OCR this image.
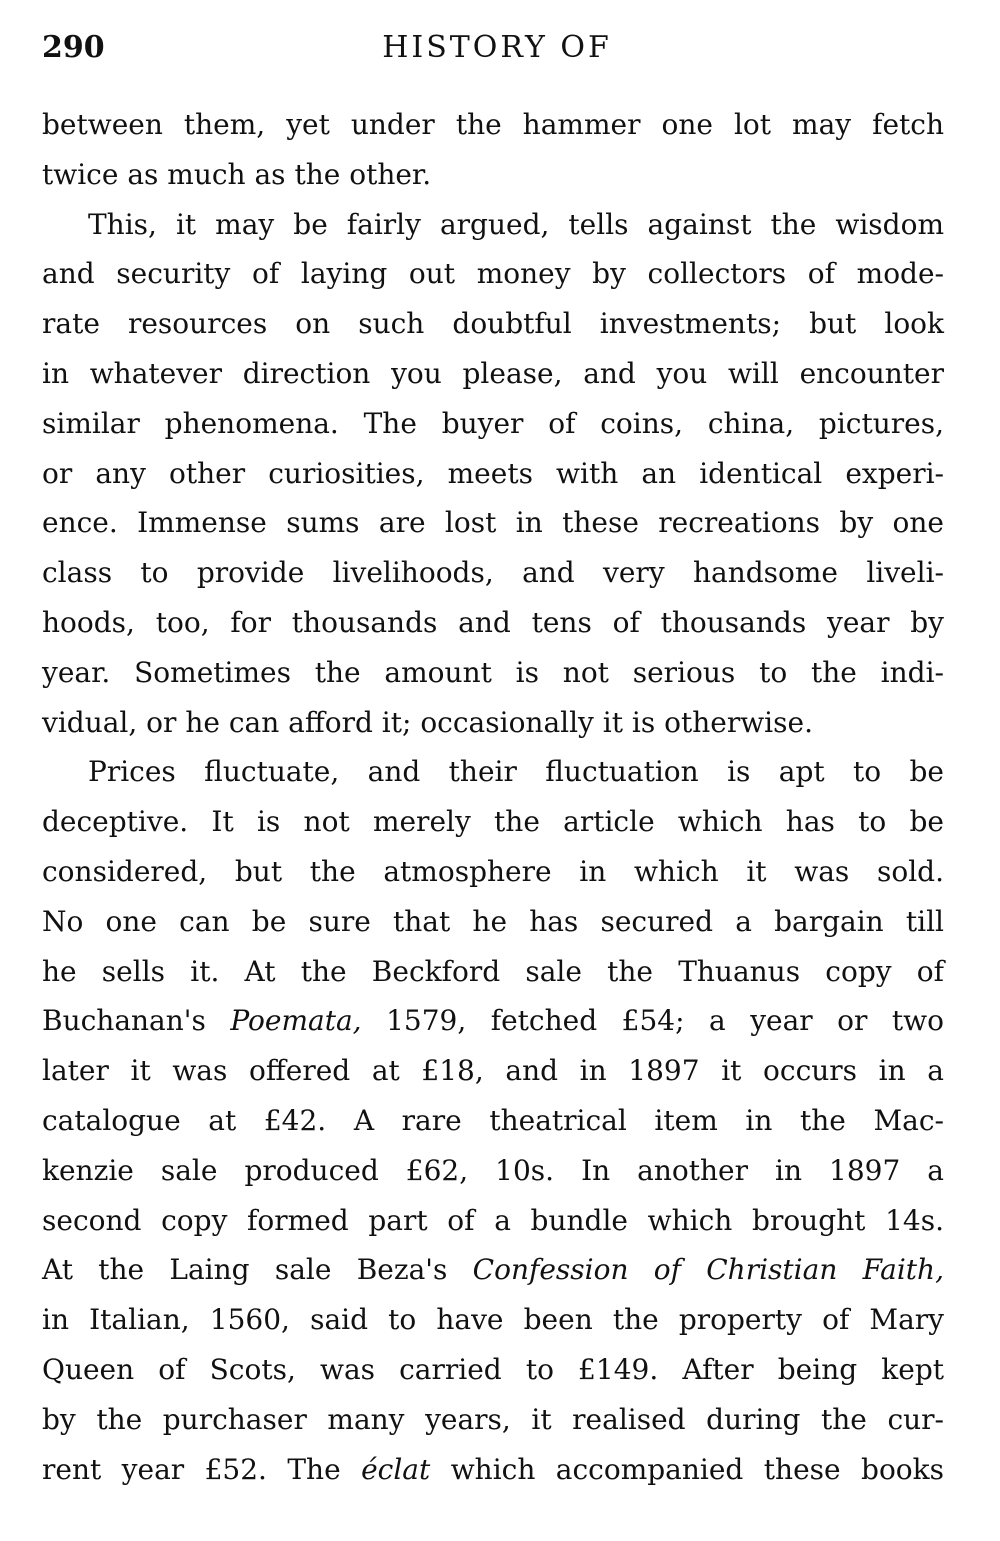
290	HISTORY OF
between them, yet under the hammer one lot may fetch
twice as much as the other.
This, it may be fairly argued, tells against the wisdom
and security of laying out money by collectors of mode-
rate resources on such doubtful investments; but look
in whatever direction you please, and you will encounter
similar phenomena. The buyer of coins, china, pictures,
or any other curiosities, meets with an identical experi-
ence. Immense sums are lost in these recreations by one
class to provide livelihoods, and very handsome liveli-
hoods, too, for thousands and tens of thousands year by
year. Sometimes the amount is not serious to the indi-
vidual, or he can afford it; occasionally it is otherwise.
Prices fluctuate, and their fluctuation is apt to be
deceptive. It is not merely the article which has to be
considered, but the atmosphere in which it was sold.
No one can be sure that he has secured a bargain till
he sells it. At the Beckford sale the Thuanus copy of
Buchanan's Poemata, 1579, fetched £54; a year or two
later it was offered at £18, and in 1897 it occurs in a
catalogue at £42. A rare theatrical item in the Mac-
kenzie sale produced £62, 10s. In another in 1897 a
second copy formed part of a bundle which brought 14s.
At the Laing sale Beza's Confession of Christian Faith,
in Italian, 1560, said to have been the property of Mary
Queen of Scots, was carried to £149. After being kept
by the purchaser many years, it realised during the cur-
rent year £52. The éclat which accompanied these books
